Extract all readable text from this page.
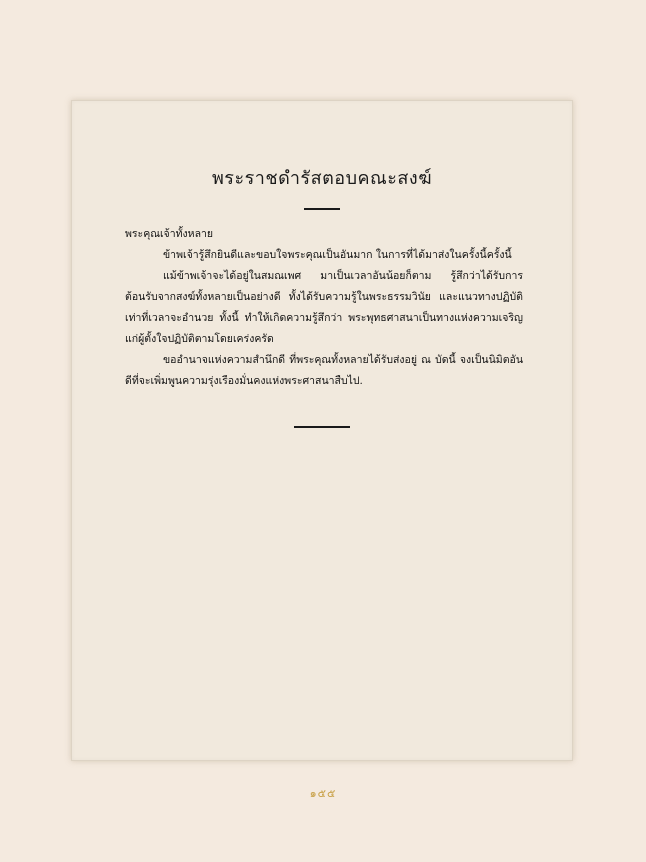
พระราชดำรัสตอบคณะสงฆ์

พระคุณเจ้าทั้งหลาย

ข้าพเจ้ารู้สึกยินดีและขอบใจพระคุณเป็นอันมาก ในการที่ได้มาส่งในครั้งนี้ครั้งนี้

แม้ข้าพเจ้าจะได้อยู่ในสมณเพศ มาเป็นเวลาอันน้อยก็ตาม รู้สึกว่าได้รับการต้อนรับจากสงฆ์ทั้งหลายเป็นอย่างดี ทั้งได้รับความรู้ในพระธรรมวินัย และแนวทางปฏิบัติเท่าที่เวลาจะอำนวย ทั้งนี้ ทำให้เกิดความรู้สึกว่า พระพุทธศาสนาเป็นทางแห่งความเจริญแก่ผู้ตั้งใจปฏิบัติตามโดยเคร่งครัด

ขออำนาจแห่งความสำนึกดี ที่พระคุณทั้งหลายได้รับส่งอยู่ ณ บัดนี้ จงเป็นนิมิตอันดีที่จะเพิ่มพูนความรุ่งเรืองมั่นคงแห่งพระศาสนาสืบไป.

๑๕๕
